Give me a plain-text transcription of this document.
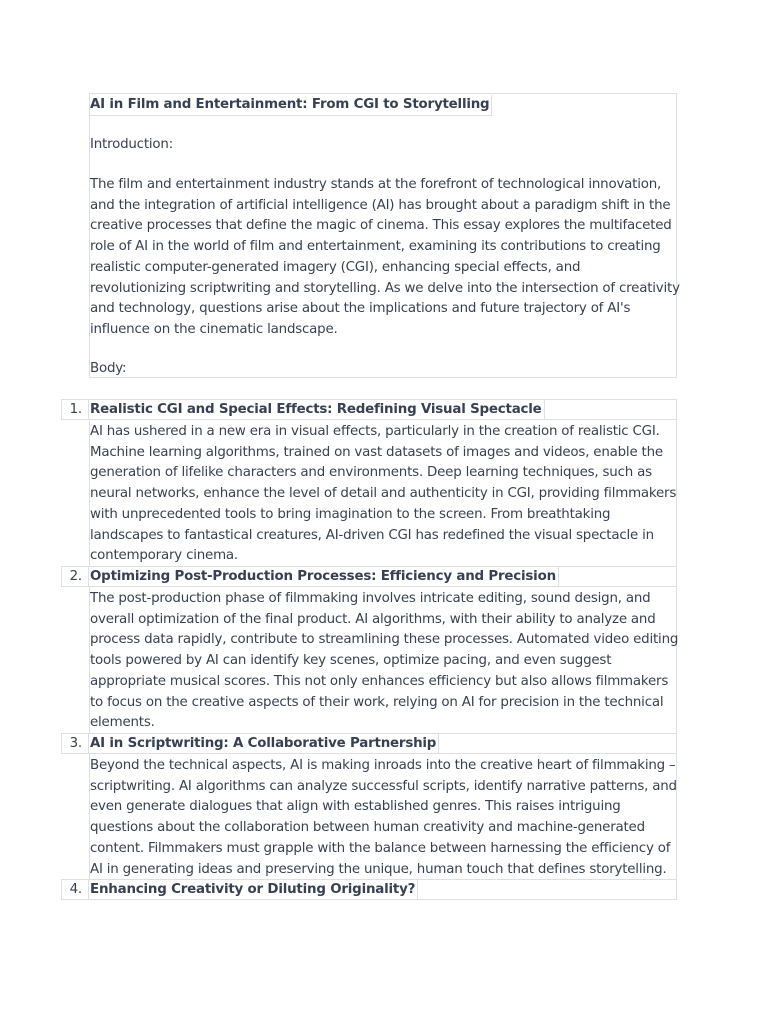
AI in Film and Entertainment: From CGI to Storytelling
Introduction:

The film and entertainment industry stands at the forefront of technological innovation, and the integration of artificial intelligence (AI) has brought about a paradigm shift in the creative processes that define the magic of cinema. This essay explores the multifaceted role of AI in the world of film and entertainment, examining its contributions to creating realistic computer-generated imagery (CGI), enhancing special effects, and revolutionizing scriptwriting and storytelling. As we delve into the intersection of creativity and technology, questions arise about the implications and future trajectory of AI's influence on the cinematic landscape.

Body:
1. Realistic CGI and Special Effects: Redefining Visual Spectacle

AI has ushered in a new era in visual effects, particularly in the creation of realistic CGI. Machine learning algorithms, trained on vast datasets of images and videos, enable the generation of lifelike characters and environments. Deep learning techniques, such as neural networks, enhance the level of detail and authenticity in CGI, providing filmmakers with unprecedented tools to bring imagination to the screen. From breathtaking landscapes to fantastical creatures, AI-driven CGI has redefined the visual spectacle in contemporary cinema.

2. Optimizing Post-Production Processes: Efficiency and Precision

The post-production phase of filmmaking involves intricate editing, sound design, and overall optimization of the final product. AI algorithms, with their ability to analyze and process data rapidly, contribute to streamlining these processes. Automated video editing tools powered by AI can identify key scenes, optimize pacing, and even suggest appropriate musical scores. This not only enhances efficiency but also allows filmmakers to focus on the creative aspects of their work, relying on AI for precision in the technical elements.

3. AI in Scriptwriting: A Collaborative Partnership

Beyond the technical aspects, AI is making inroads into the creative heart of filmmaking – scriptwriting. AI algorithms can analyze successful scripts, identify narrative patterns, and even generate dialogues that align with established genres. This raises intriguing questions about the collaboration between human creativity and machine-generated content. Filmmakers must grapple with the balance between harnessing the efficiency of AI in generating ideas and preserving the unique, human touch that defines storytelling.

4. Enhancing Creativity or Diluting Originality?
